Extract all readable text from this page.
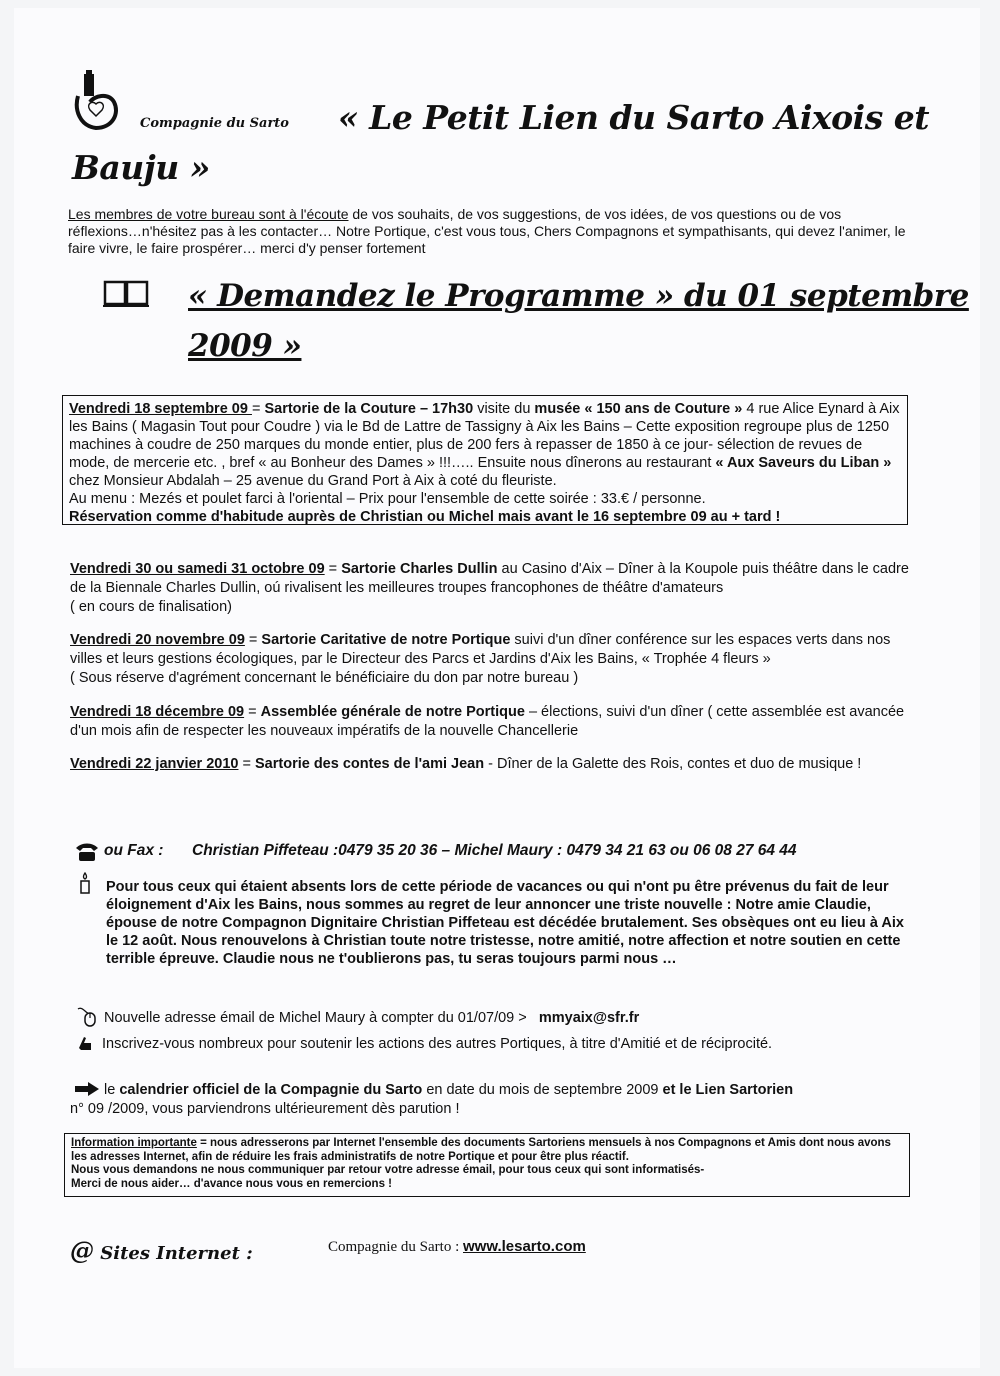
Compagnie du Sarto « Le Petit Lien du Sarto Aixois et
Bauju »
Les membres de votre bureau sont à l'écoute de vos souhaits, de vos suggestions, de vos idées, de vos questions ou de vos réflexions…n'hésitez pas à les contacter… Notre Portique, c'est vous tous, Chers Compagnons et sympathisants, qui devez l'animer, le faire vivre, le faire prospérer… merci d'y penser fortement
« Demandez le Programme » du 01 septembre
2009 »
Vendredi 18 septembre 09 = Sartorie de la Couture – 17h30 visite du musée « 150 ans de Couture » 4 rue Alice Eynard à Aix les Bains ( Magasin Tout pour Coudre ) via le Bd de Lattre de Tassigny à Aix les Bains – Cette exposition regroupe plus de 1250 machines à coudre de 250 marques du monde entier, plus de 200 fers à repasser de 1850 à ce jour- sélection de revues de mode, de mercerie etc. , bref « au Bonheur des Dames » !!!….. Ensuite nous dînerons au restaurant « Aux Saveurs du Liban » chez Monsieur Abdalah – 25 avenue du Grand Port à Aix à coté du fleuriste.
Au menu : Mezés et poulet farci à l'oriental – Prix pour l'ensemble de cette soirée : 33.€ / personne.
Réservation comme d'habitude auprès de Christian ou Michel mais avant le 16 septembre 09 au + tard !
Vendredi 30 ou samedi 31 octobre 09 = Sartorie Charles Dullin au Casino d'Aix – Dîner à la Koupole puis théâtre dans le cadre de la Biennale Charles Dullin, oú rivalisent les meilleures troupes francophones de théâtre d'amateurs
( en cours de finalisation)
Vendredi 20 novembre 09 = Sartorie Caritative de notre Portique suivi d'un dîner conférence sur les espaces verts dans nos villes et leurs gestions écologiques, par le Directeur des Parcs et Jardins d'Aix les Bains, « Trophée 4 fleurs »
( Sous réserve d'agrément concernant le bénéficiaire du don par notre bureau )
Vendredi 18 décembre 09 = Assemblée générale de notre Portique – élections, suivi d'un dîner ( cette assemblée est avancée d'un mois afin de respecter les nouveaux impératifs de la nouvelle Chancellerie
Vendredi 22 janvier 2010 = Sartorie des contes de l'ami Jean - Dîner de la Galette des Rois, contes et duo de musique !
ou Fax : Christian Piffeteau :0479 35 20 36 – Michel Maury : 0479 34 21 63 ou 06 08 27 64 44
Pour tous ceux qui étaient absents lors de cette période de vacances ou qui n'ont pu être prévenus du fait de leur éloignement d'Aix les Bains, nous sommes au regret de leur annoncer une triste nouvelle : Notre amie Claudie, épouse de notre Compagnon Dignitaire Christian Piffeteau est décédée brutalement. Ses obsèques ont eu lieu à Aix le 12 août. Nous renouvelons à Christian toute notre tristesse, notre amitié, notre affection et notre soutien en cette terrible épreuve. Claudie nous ne t'oublierons pas, tu seras toujours parmi nous …
Nouvelle adresse émail de Michel Maury à compter du 01/07/09 > mmyaix@sfr.fr
Inscrivez-vous nombreux pour soutenir les actions des autres Portiques, à titre d'Amitié et de réciprocité.
le calendrier officiel de la Compagnie du Sarto en date du mois de septembre 2009 et le Lien Sartorien
n° 09 /2009, vous parviendrons ultérieurement dès parution !
Information importante = nous adresserons par Internet l'ensemble des documents Sartoriens mensuels à nos Compagnons et Amis dont nous avons les adresses Internet, afin de réduire les frais administratifs de notre Portique et pour être plus réactif.
Nous vous demandons ne nous communiquer par retour votre adresse émail, pour tous ceux qui sont informatisés-
Merci de nous aider… d'avance nous vous en remercions !
@ Sites Internet :	Compagnie du Sarto : www.lesarto.com
